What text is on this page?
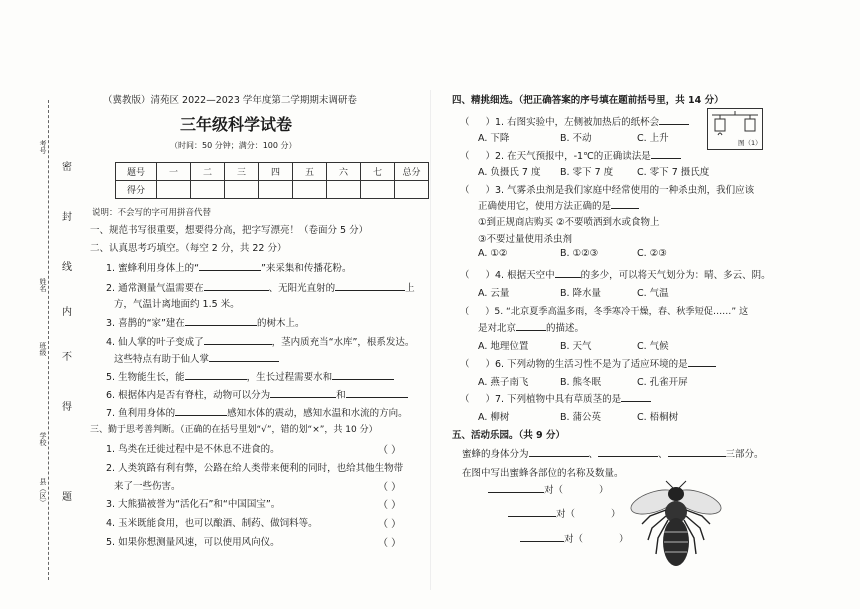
密
封
线
内
不
得
题
考号
姓名
班级
学校
县（区）
（冀教版）清苑区 2022—2023 学年度第二学期期末调研卷
三年级科学试卷
（时间：50 分钟；满分：100 分）
题号	一	二	三	四	五	六	七	总分
得分								
说明：不会写的字可用拼音代替
一、规范书写很重要，想要得分高，把字写漂亮！（卷面分 5 分）
二、认真思考巧填空。（每空 2 分，共 22 分）
1. 蜜蜂利用身体上的“	”来采集和传播花粉。
2. 通常测量气温需要在	、无阳光直射的	上
方，气温计离地面约 1.5 米。
3. 喜鹊的“家”建在	的树木上。
4. 仙人掌的叶子变成了	，茎内质充当“水库”，根系发达。
这些特点有助于仙人掌
5. 生物能生长，能	，生长过程需要水和
6. 根据体内是否有脊柱，动物可以分为	和
7. 鱼利用身体的	感知水体的震动，感知水温和水流的方向。
三、勤于思考善判断。（正确的在括号里划“√”，错的划“×”，共 10 分）
1. 鸟类在迁徙过程中是不休息不进食的。
2. 人类筑路有利有弊，公路在给人类带来便利的同时，也给其他生物带
来了一些伤害。
3. 大熊猫被誉为“活化石”和“中国国宝”。
4. 玉米既能食用，也可以酿酒、制药、做饲料等。
5. 如果你想测量风速，可以使用风向仪。
（ ）
（ ）
（ ）
（ ）
（ ）
四、精挑细选。（把正确答案的序号填在题前括号里，共 14 分）
图（1）
（ ）1. 右图实验中，左侧被加热后的纸杯会
A. 下降	B. 不动	C. 上升
（ ）2. 在天气预报中，-1℃的正确读法是
A. 负摄氏 7 度 B. 零下 7 度	C. 零下 7 摄氏度
（ ）3. 气雾杀虫剂是我们家庭中经常使用的一种杀虫剂，我们应该
正确使用它，使用方法正确的是
①到正规商店购买 ②不要喷洒到水或食物上
③不要过量使用杀虫剂
A. ①②	B. ①②③	C. ②③
（ ）4. 根据天空中	的多少，可以将天气划分为：晴、多云、阴。
A. 云量	B. 降水量	C. 气温
（ ）5. “北京夏季高温多雨，冬季寒冷干燥，春、秋季短促……” 这
是对北京	的描述。
A. 地理位置	B. 天气	C. 气候
（ ）6. 下列动物的生活习性不是为了适应环境的是
A. 燕子南飞	B. 熊冬眠	C. 孔雀开屏
（ ）7. 下列植物中具有草质茎的是
A. 柳树	B. 蒲公英	C. 梧桐树
五、活动乐园。（共 9 分）
蜜蜂的身体分为	、	、	三部分。
在图中写出蜜蜂各部位的名称及数量。
对（	）
对（	）
对（	）
